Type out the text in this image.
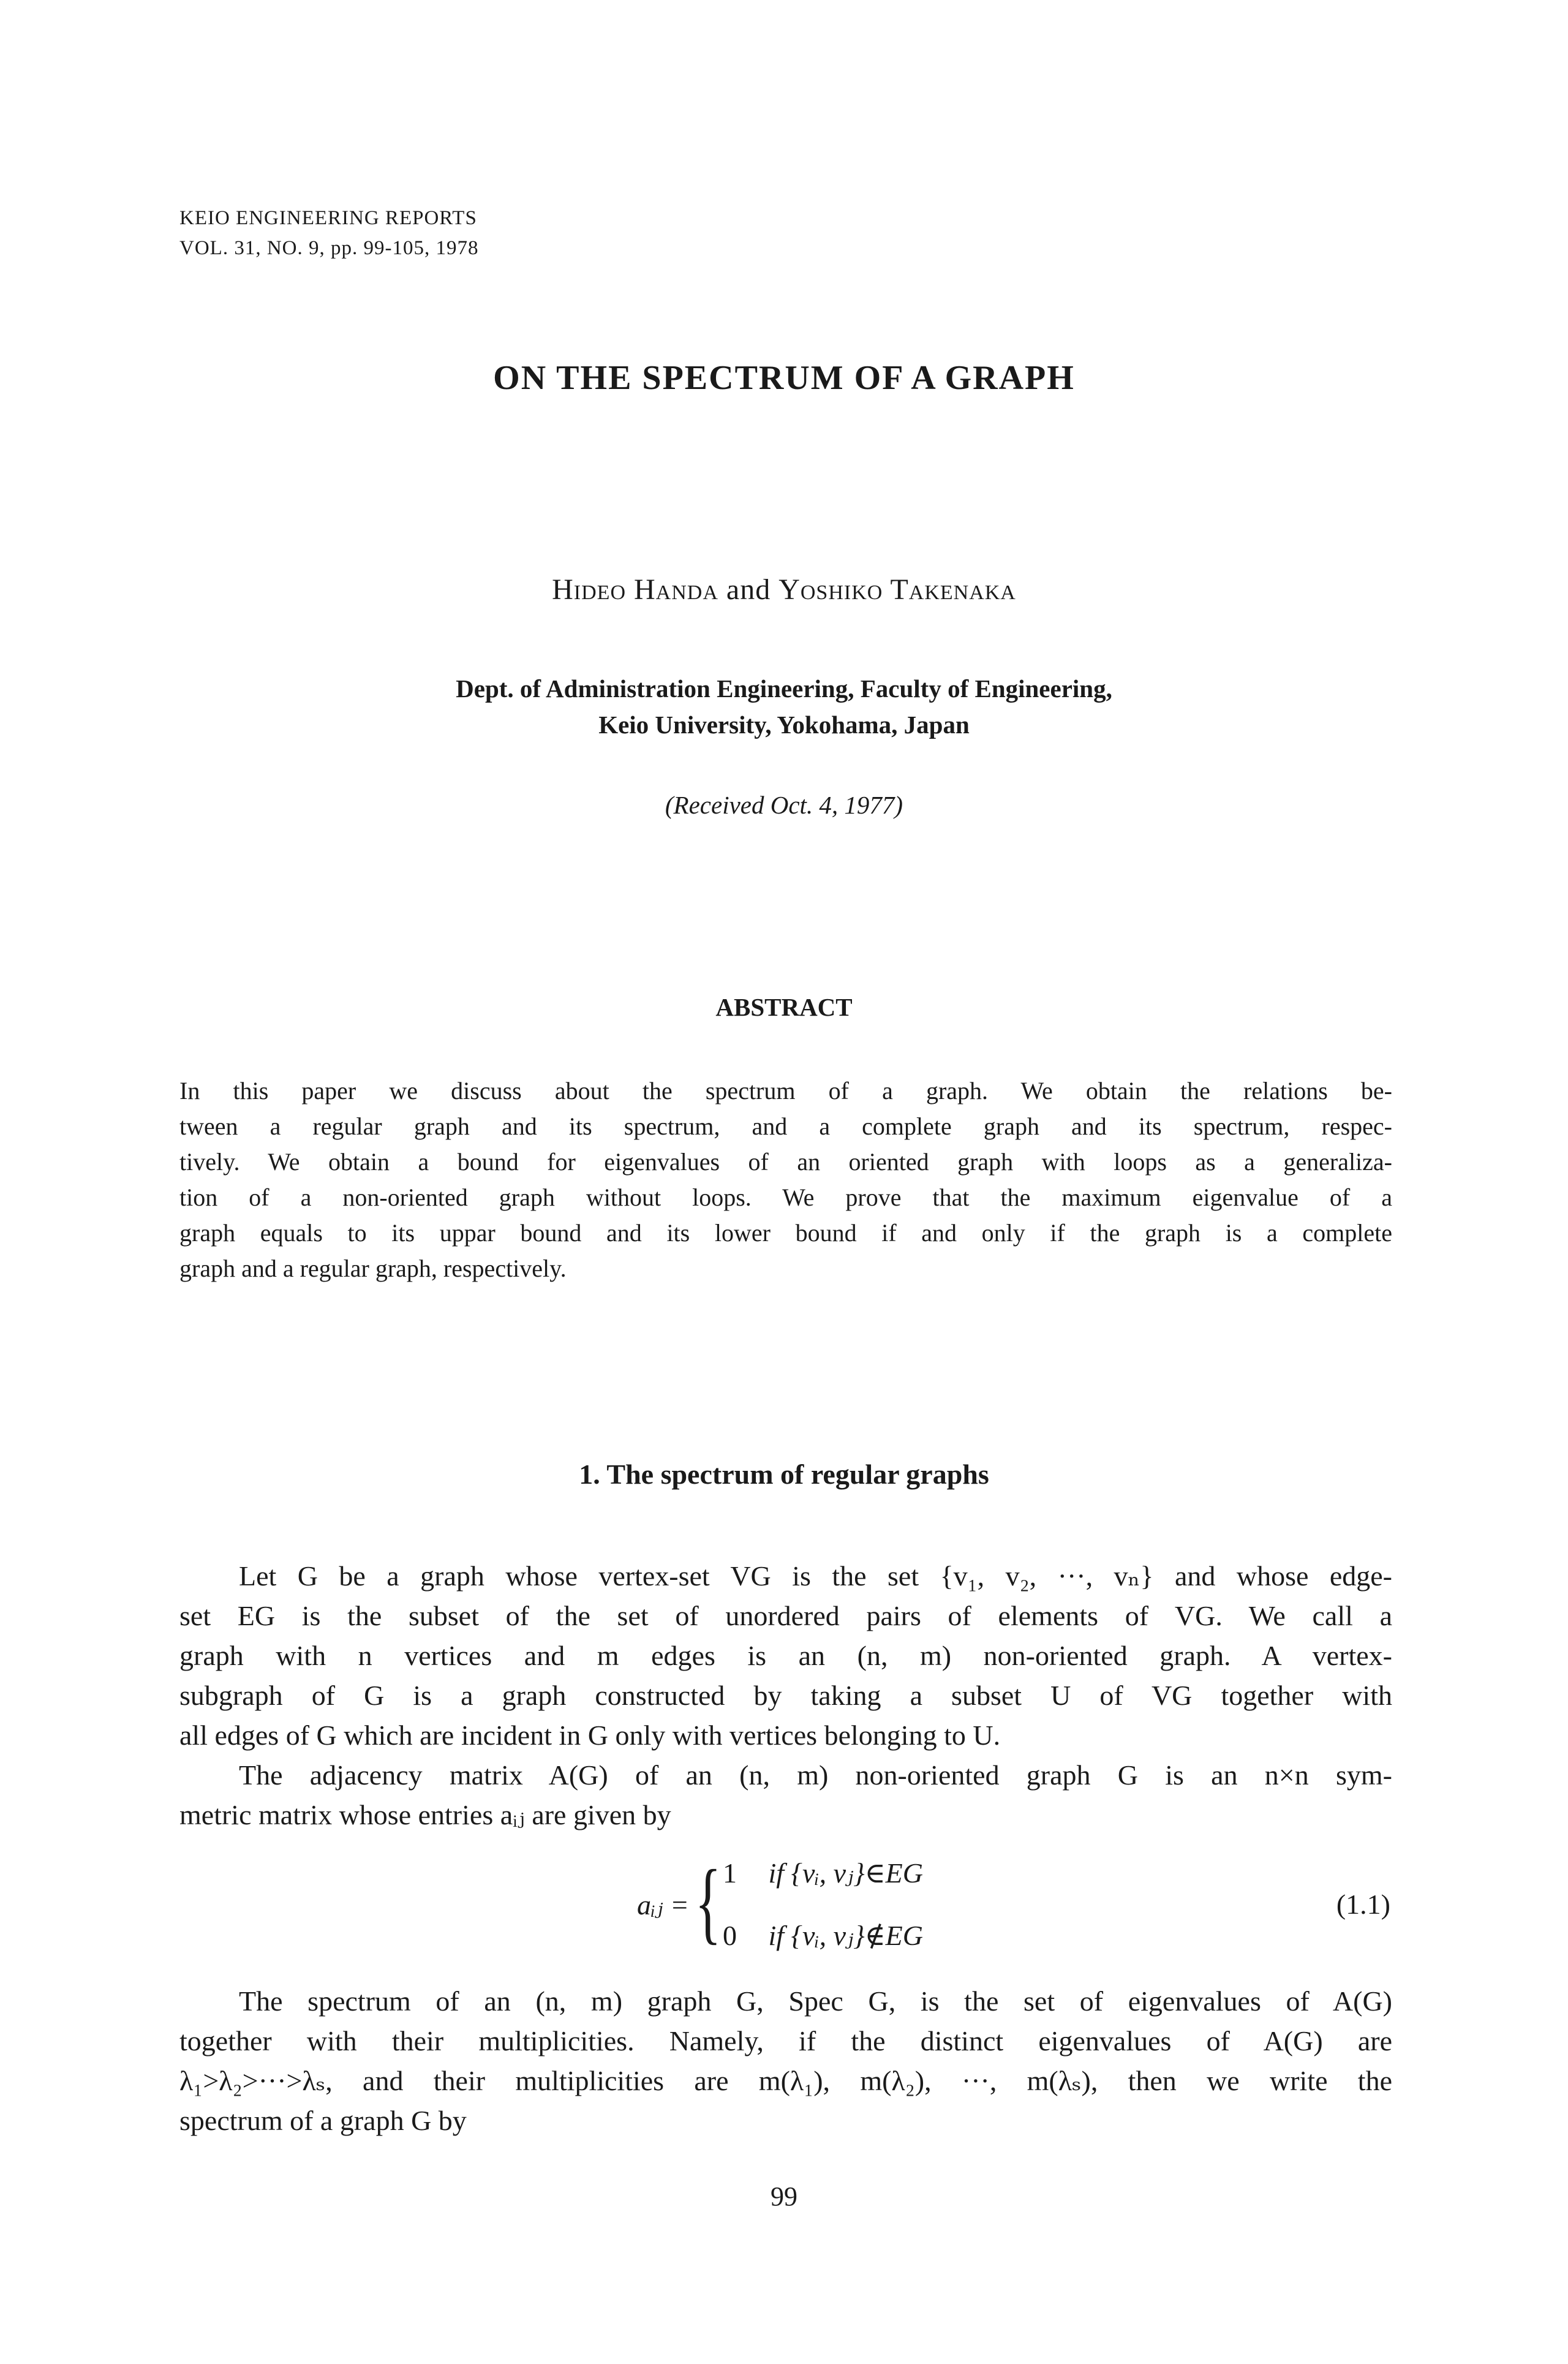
KEIO ENGINEERING REPORTS
VOL. 31, NO. 9, pp. 99-105, 1978
ON THE SPECTRUM OF A GRAPH
Hideo Handa and Yoshiko Takenaka
Dept. of Administration Engineering, Faculty of Engineering,
Keio University, Yokohama, Japan
(Received Oct. 4, 1977)
ABSTRACT
In this paper we discuss about the spectrum of a graph. We obtain the relations be-
tween a regular graph and its spectrum, and a complete graph and its spectrum, respec-
tively. We obtain a bound for eigenvalues of an oriented graph with loops as a generaliza-
tion of a non-oriented graph without loops. We prove that the maximum eigenvalue of a
graph equals to its uppar bound and its lower bound if and only if the graph is a complete
graph and a regular graph, respectively.
1. The spectrum of regular graphs
Let G be a graph whose vertex-set VG is the set {v₁, v₂, ···, vₙ} and whose edge-
set EG is the subset of the set of unordered pairs of elements of VG. We call a
graph with n vertices and m edges is an (n, m) non-oriented graph. A vertex-
subgraph of G is a graph constructed by taking a subset U of VG together with
all edges of G which are incident in G only with vertices belonging to U.
The adjacency matrix A(G) of an (n, m) non-oriented graph G is an n×n sym-
metric matrix whose entries aᵢⱼ are given by
aᵢⱼ = { 1 if {vᵢ, vⱼ}∈EG
0 if {vᵢ, vⱼ}∉EG
(1.1)
The spectrum of an (n, m) graph G, Spec G, is the set of eigenvalues of A(G)
together with their multiplicities. Namely, if the distinct eigenvalues of A(G) are
λ₁>λ₂>···>λₛ, and their multiplicities are m(λ₁), m(λ₂), ···, m(λₛ), then we write the
spectrum of a graph G by
99
